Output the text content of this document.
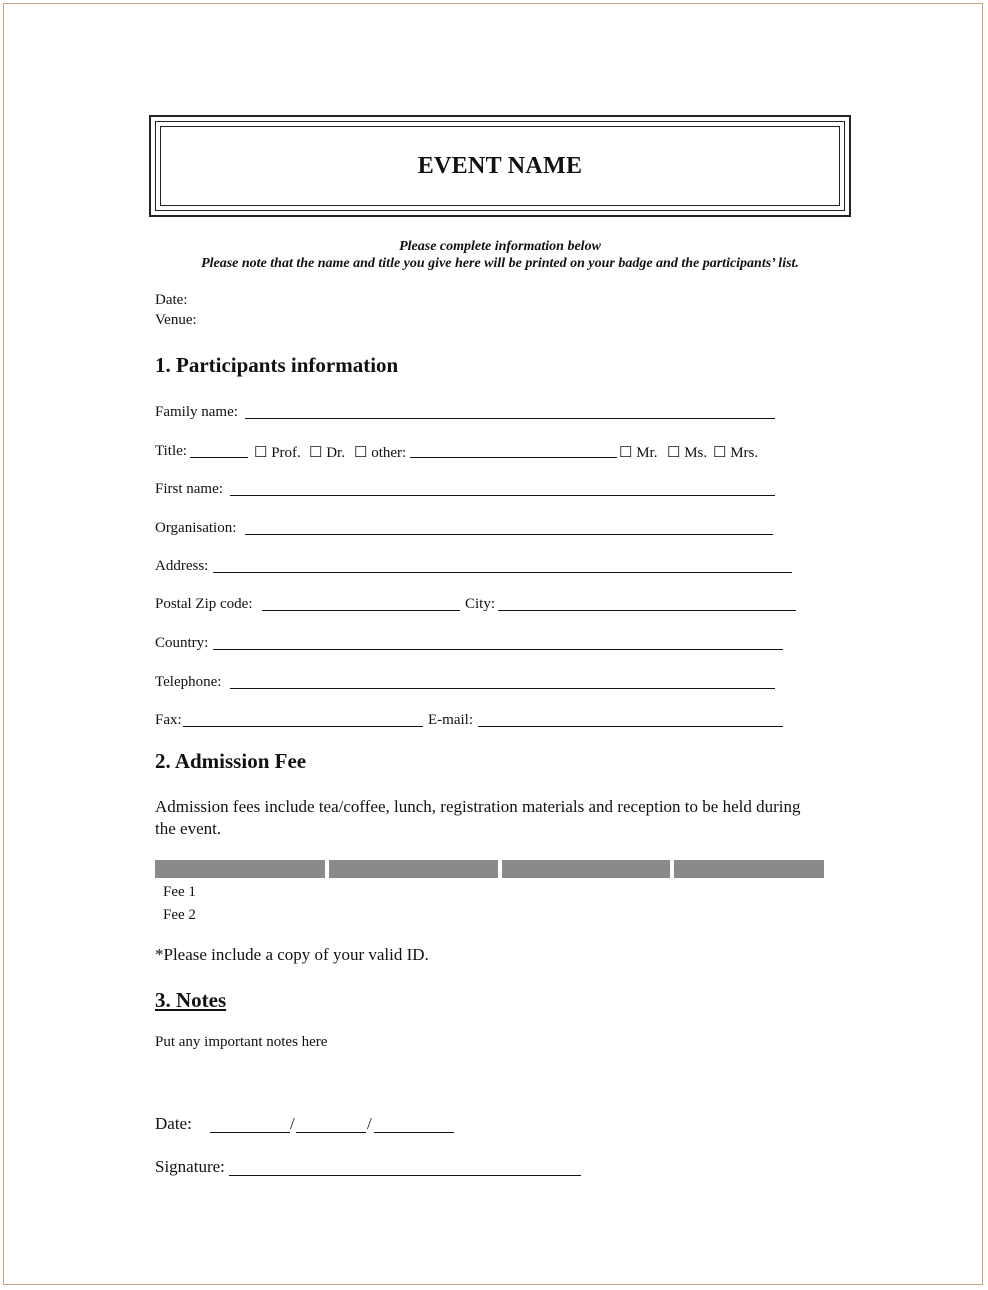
EVENT NAME
Please complete information below
Please note that the name and title you give here will be printed on your badge and the participants’ list.
Date:
Venue:
1. Participants information
Family name:
Title:	☐ Prof. ☐ Dr. ☐ other:	☐ Mr. ☐ Ms. ☐ Mrs.
First name:
Organisation:
Address:
Postal Zip code:	City:
Country:
Telephone:
Fax:	E-mail:
2. Admission Fee
Admission fees include tea/coffee, lunch, registration materials and reception to be held during the event.
Fee 1
Fee 2
*Please include a copy of your valid ID.
3. Notes
Put any important notes here
Date:	/	/
Signature:
